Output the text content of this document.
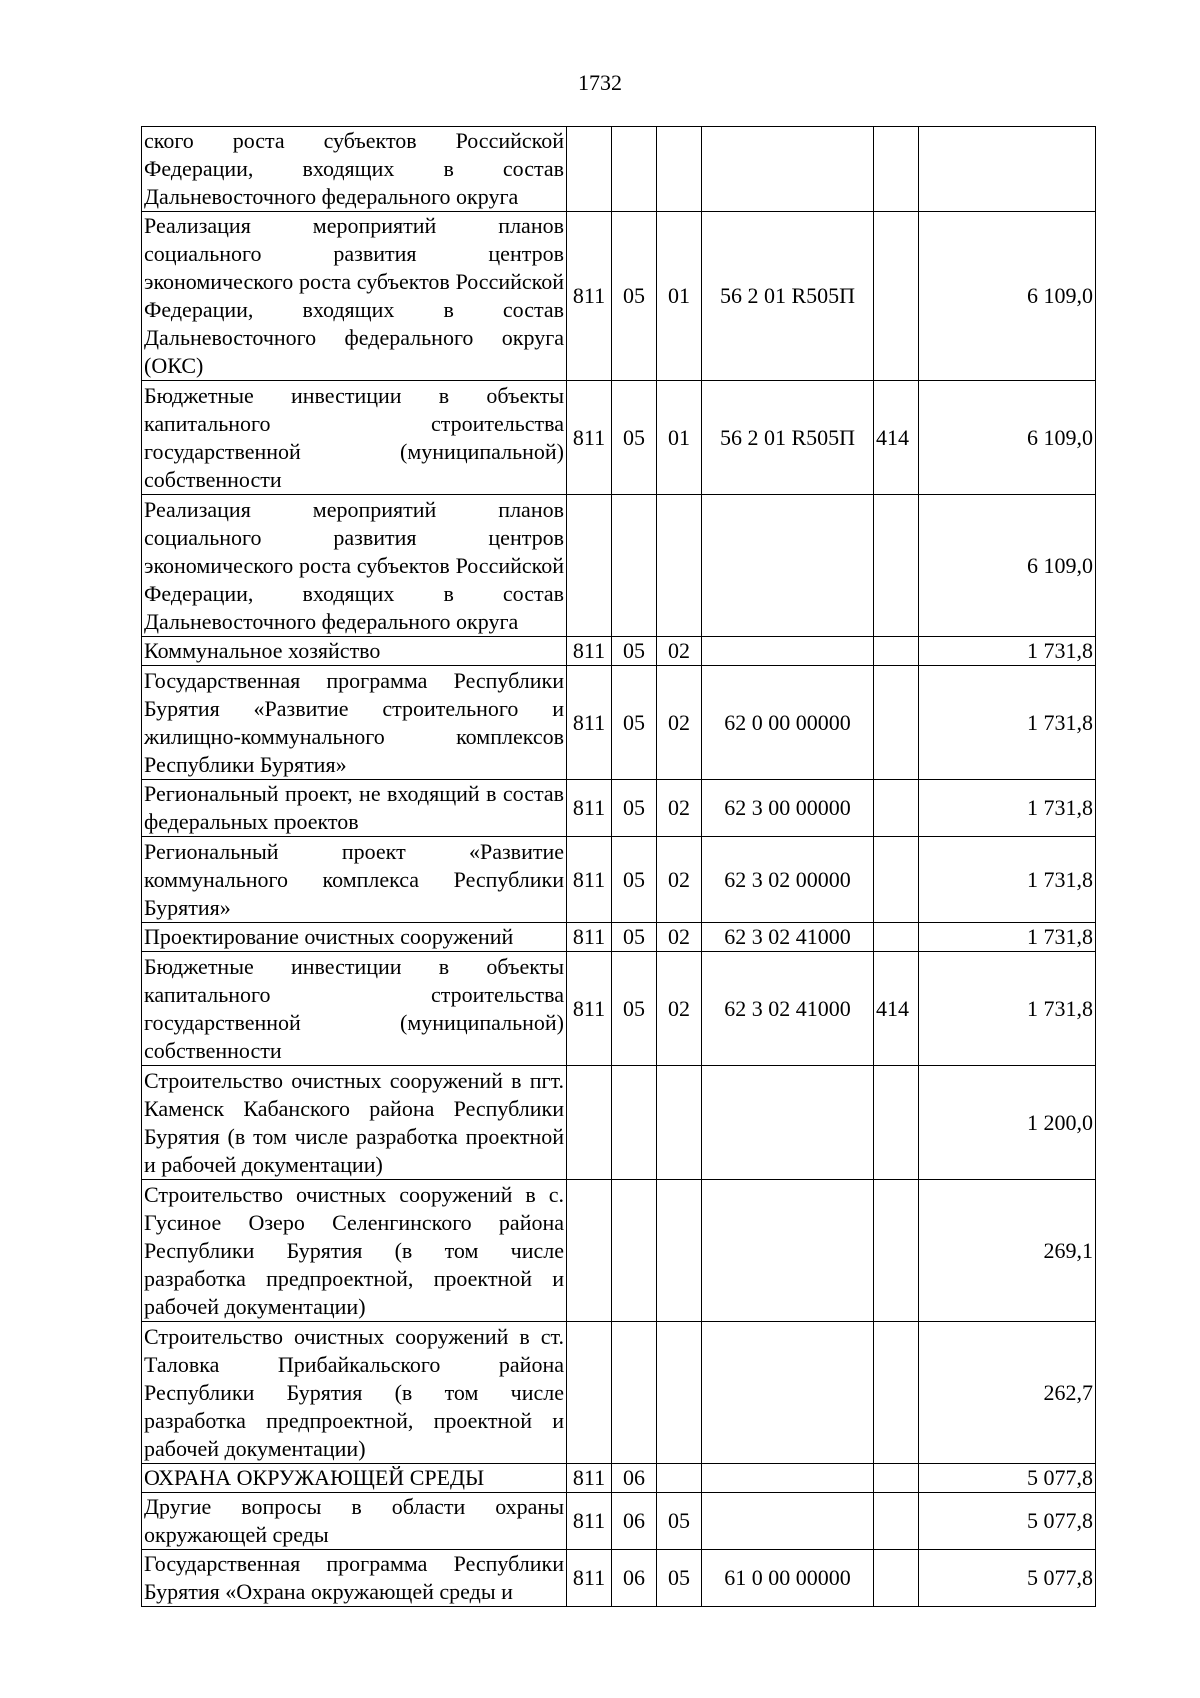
1732
ского роста субъектов Российской Федерации, входящих в состав Дальневосточного федерального округа						
Реализация мероприятий планов социального развития центров экономического роста субъектов Российской Федерации, входящих в состав Дальневосточного федерального округа (ОКС)	811	05	01	56 2 01 R505П		6 109,0
Бюджетные инвестиции в объекты капитального строительства государственной (муниципальной) собственности	811	05	01	56 2 01 R505П	414	6 109,0
Реализация мероприятий планов социального развития центров экономического роста субъектов Российской Федерации, входящих в состав Дальневосточного федерального округа						6 109,0
Коммунальное хозяйство	811	05	02			1 731,8
Государственная программа Республики Бурятия «Развитие строительного и жилищно-коммунального комплексов Республики Бурятия»	811	05	02	62 0 00 00000		1 731,8
Региональный проект, не входящий в состав федеральных проектов	811	05	02	62 3 00 00000		1 731,8
Региональный проект «Развитие коммунального комплекса Республики Бурятия»	811	05	02	62 3 02 00000		1 731,8
Проектирование очистных сооружений	811	05	02	62 3 02 41000		1 731,8
Бюджетные инвестиции в объекты капитального строительства государственной (муниципальной) собственности	811	05	02	62 3 02 41000	414	1 731,8
Строительство очистных сооружений в пгт. Каменск Кабанского района Республики Бурятия (в том числе разработка проектной и рабочей документации)						1 200,0
Строительство очистных сооружений в с. Гусиное Озеро Селенгинского района Республики Бурятия (в том числе разработка предпроектной, проектной и рабочей документации)						269,1
Строительство очистных сооружений в ст. Таловка Прибайкальского района Республики Бурятия (в том числе разработка предпроектной, проектной и рабочей документации)						262,7
ОХРАНА ОКРУЖАЮЩЕЙ СРЕДЫ	811	06				5 077,8
Другие вопросы в области охраны окружающей среды	811	06	05			5 077,8
Государственная программа Республики Бурятия «Охрана окружающей среды и	811	06	05	61 0 00 00000		5 077,8
